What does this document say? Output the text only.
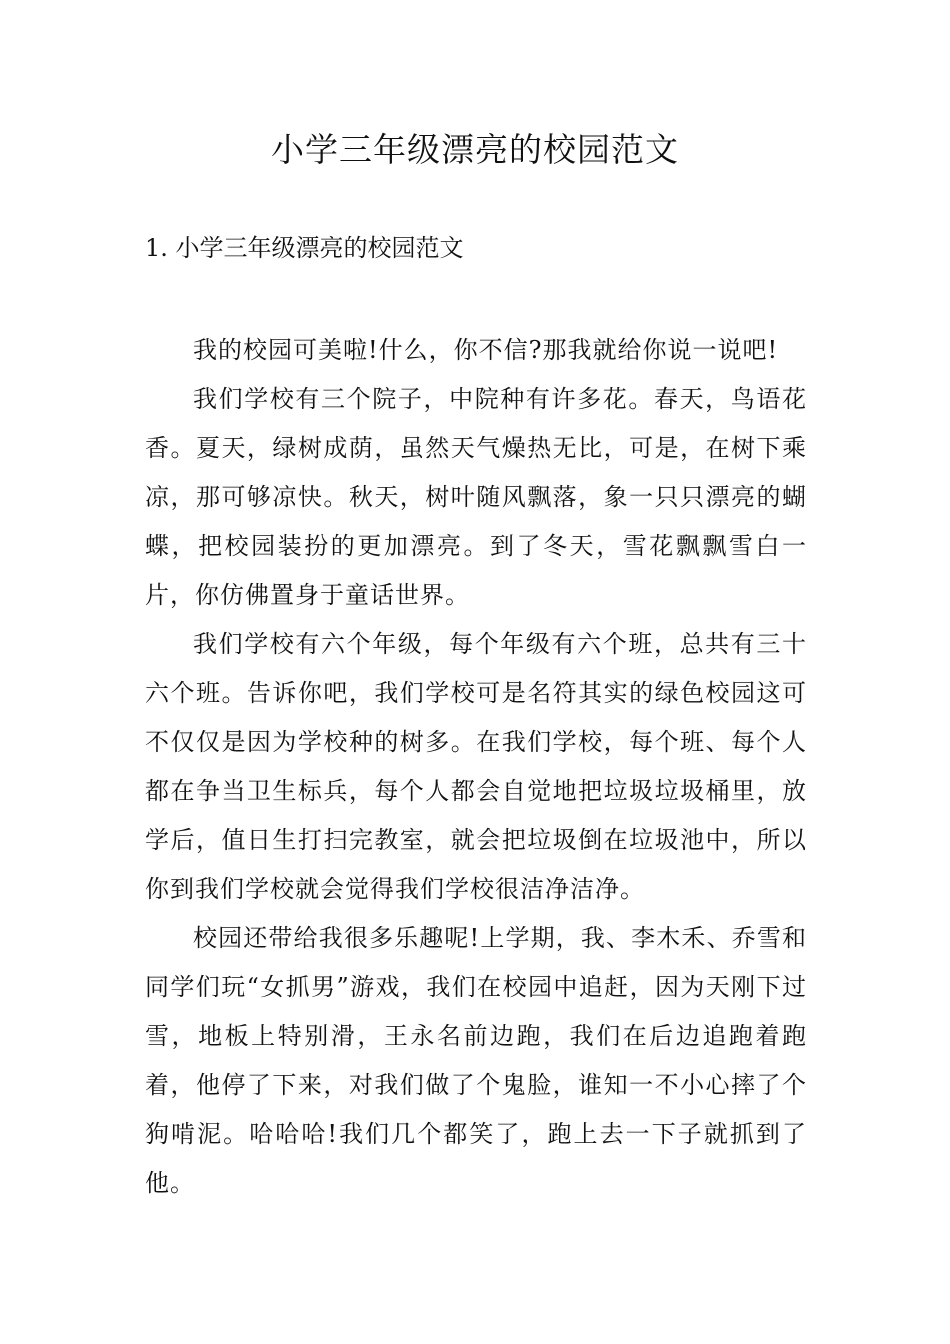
小学三年级漂亮的校园范文
1. 小学三年级漂亮的校园范文

我的校园可美啦!什么，你不信?那我就给你说一说吧!

我们学校有三个院子，中院种有许多花。春天，鸟语花香。夏天，绿树成荫，虽然天气燥热无比，可是，在树下乘凉，那可够凉快。秋天，树叶随风飘落，象一只只漂亮的蝴蝶，把校园装扮的更加漂亮。到了冬天，雪花飘飘雪白一片，你仿佛置身于童话世界。

我们学校有六个年级，每个年级有六个班，总共有三十六个班。告诉你吧，我们学校可是名符其实的绿色校园这可不仅仅是因为学校种的树多。在我们学校，每个班、每个人都在争当卫生标兵，每个人都会自觉地把垃圾垃圾桶里，放学后，值日生打扫完教室，就会把垃圾倒在垃圾池中，所以你到我们学校就会觉得我们学校很洁净洁净。

校园还带给我很多乐趣呢!上学期，我、李木禾、乔雪和同学们玩“女抓男”游戏，我们在校园中追赶，因为天刚下过雪，地板上特别滑，王永名前边跑，我们在后边追跑着跑着，他停了下来，对我们做了个鬼脸，谁知一不小心摔了个狗啃泥。哈哈哈!我们几个都笑了，跑上去一下子就抓到了他。
